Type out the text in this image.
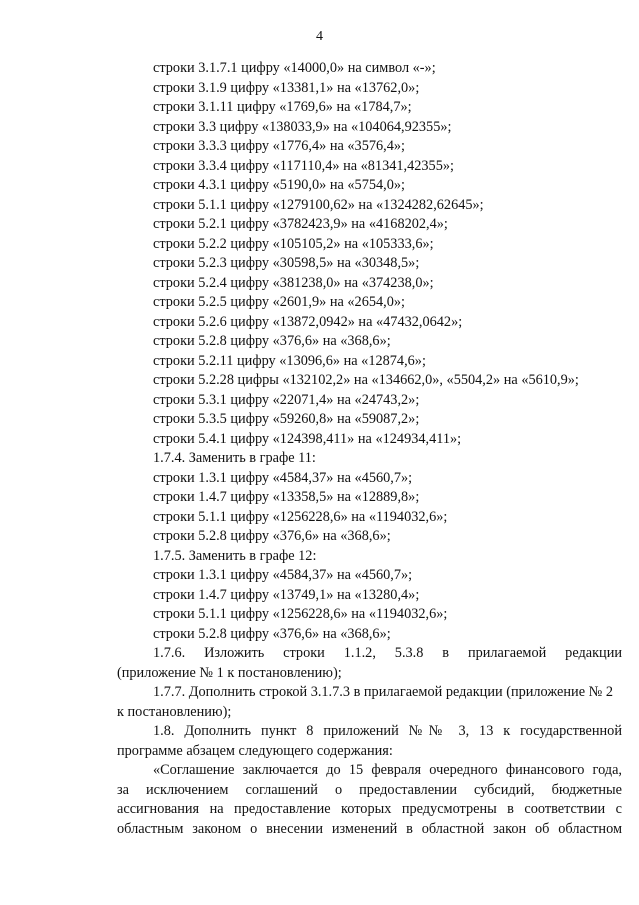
4
строки 3.1.7.1 цифру «14000,0» на символ «-»;
строки 3.1.9 цифру «13381,1» на «13762,0»;
строки 3.1.11 цифру «1769,6» на «1784,7»;
строки 3.3 цифру «138033,9» на «104064,92355»;
строки 3.3.3 цифру «1776,4» на «3576,4»;
строки 3.3.4 цифру «117110,4» на «81341,42355»;
строки 4.3.1 цифру «5190,0» на «5754,0»;
строки 5.1.1 цифру «1279100,62» на «1324282,62645»;
строки 5.2.1 цифру «3782423,9» на «4168202,4»;
строки 5.2.2 цифру «105105,2» на «105333,6»;
строки 5.2.3 цифру «30598,5» на «30348,5»;
строки 5.2.4 цифру «381238,0» на «374238,0»;
строки 5.2.5 цифру «2601,9» на «2654,0»;
строки 5.2.6 цифру «13872,0942» на «47432,0642»;
строки 5.2.8 цифру «376,6» на «368,6»;
строки 5.2.11 цифру «13096,6» на «12874,6»;
строки 5.2.28 цифры «132102,2» на «134662,0», «5504,2» на «5610,9»;
строки 5.3.1 цифру «22071,4» на «24743,2»;
строки 5.3.5 цифру «59260,8» на «59087,2»;
строки 5.4.1 цифру «124398,411» на «124934,411»;
1.7.4. Заменить в графе 11:
строки 1.3.1 цифру «4584,37» на «4560,7»;
строки 1.4.7 цифру «13358,5» на «12889,8»;
строки 5.1.1 цифру «1256228,6» на «1194032,6»;
строки 5.2.8 цифру «376,6» на «368,6»;
1.7.5. Заменить в графе 12:
строки 1.3.1 цифру «4584,37» на «4560,7»;
строки 1.4.7 цифру «13749,1» на «13280,4»;
строки 5.1.1 цифру «1256228,6» на «1194032,6»;
строки 5.2.8 цифру «376,6» на «368,6»;
1.7.6. Изложить строки 1.1.2, 5.3.8 в прилагаемой редакции
(приложение № 1 к постановлению);
1.7.7. Дополнить строкой 3.1.7.3 в прилагаемой редакции (приложение № 2
к постановлению);
1.8. Дополнить пункт 8 приложений №№ 3, 13 к государственной
программе абзацем следующего содержания:
«Соглашение заключается до 15 февраля очередного финансового года,
за исключением соглашений о предоставлении субсидий, бюджетные
ассигнования на предоставление которых предусмотрены в соответствии с
областным законом о внесении изменений в областной закон об областном
